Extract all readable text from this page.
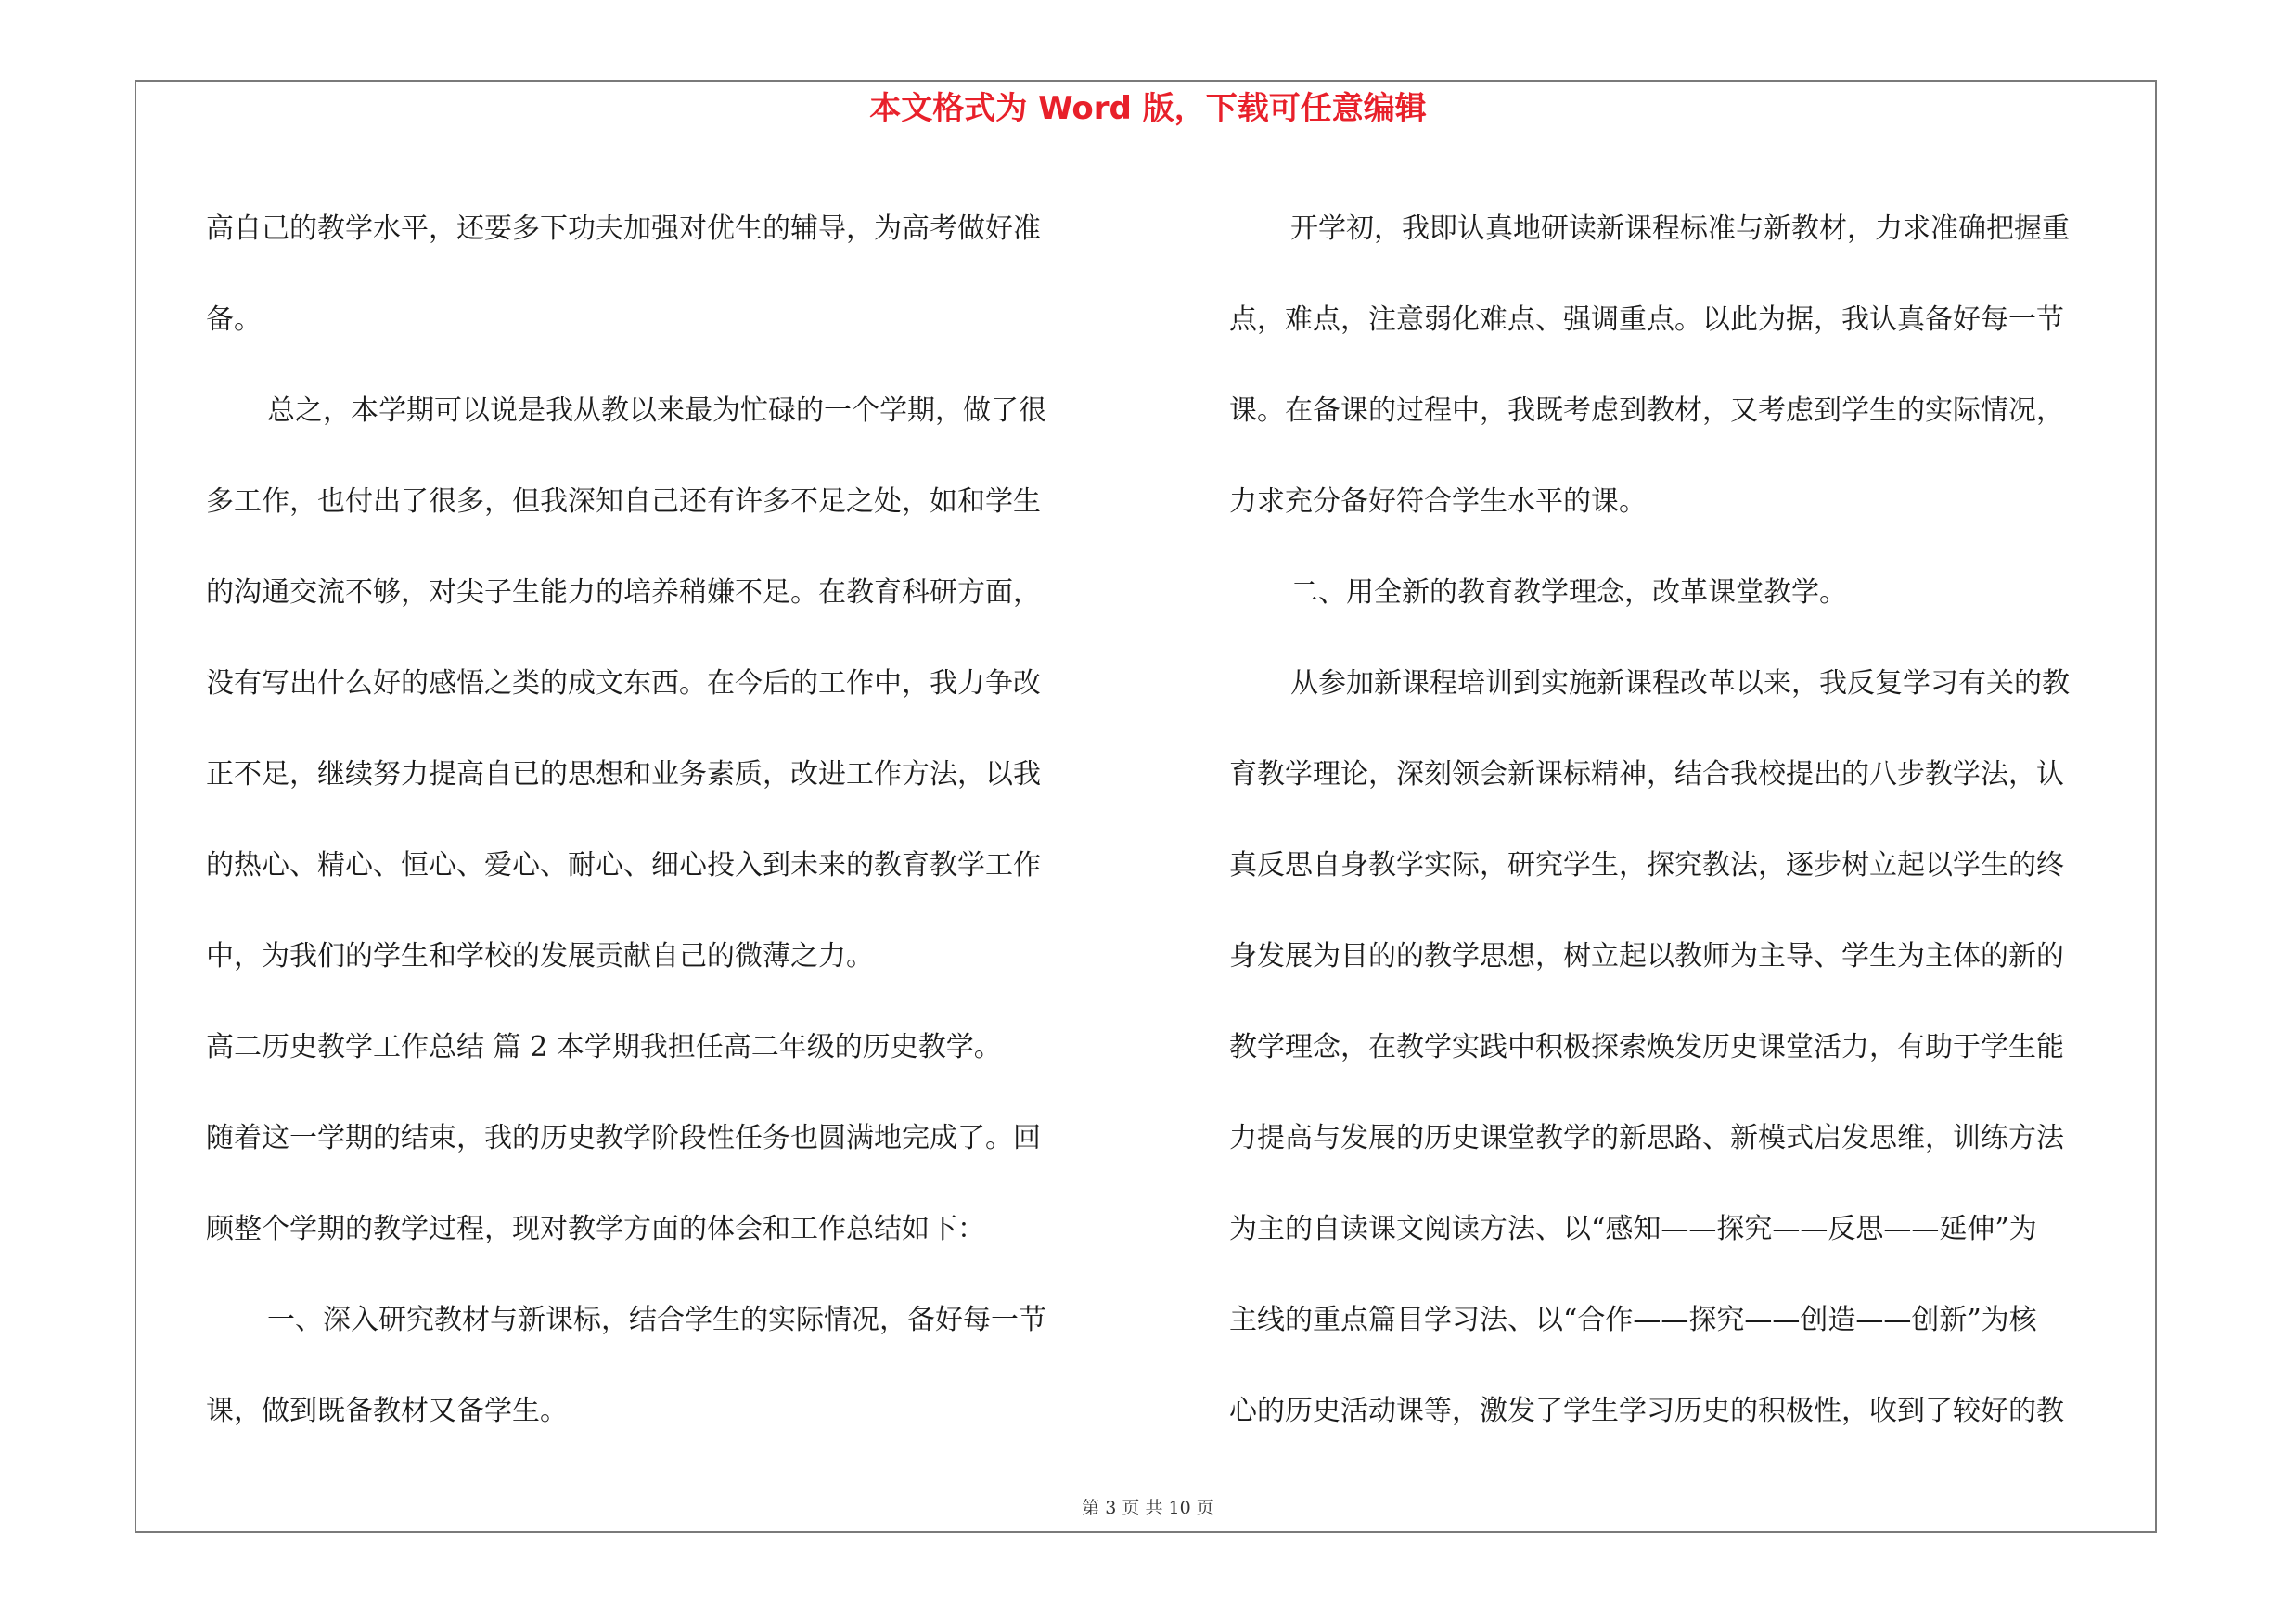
本文格式为 Word 版，下载可任意编辑
高自己的教学水平，还要多下功夫加强对优生的辅导，为高考做好准
备。
总之，本学期可以说是我从教以来最为忙碌的一个学期，做了很
多工作，也付出了很多，但我深知自己还有许多不足之处，如和学生
的沟通交流不够，对尖子生能力的培养稍嫌不足。在教育科研方面，
没有写出什么好的感悟之类的成文东西。在今后的工作中，我力争改
正不足，继续努力提高自已的思想和业务素质，改进工作方法，以我
的热心、精心、恒心、爱心、耐心、细心投入到未来的教育教学工作
中，为我们的学生和学校的发展贡献自己的微薄之力。
高二历史教学工作总结 篇 2 本学期我担任高二年级的历史教学。
随着这一学期的结束，我的历史教学阶段性任务也圆满地完成了。回
顾整个学期的教学过程，现对教学方面的体会和工作总结如下：
一、深入研究教材与新课标，结合学生的实际情况，备好每一节
课，做到既备教材又备学生。
开学初，我即认真地研读新课程标准与新教材，力求准确把握重
点，难点，注意弱化难点、强调重点。以此为据，我认真备好每一节
课。在备课的过程中，我既考虑到教材，又考虑到学生的实际情况，
力求充分备好符合学生水平的课。
二、用全新的教育教学理念，改革课堂教学。
从参加新课程培训到实施新课程改革以来，我反复学习有关的教
育教学理论，深刻领会新课标精神，结合我校提出的八步教学法，认
真反思自身教学实际，研究学生，探究教法，逐步树立起以学生的终
身发展为目的的教学思想，树立起以教师为主导、学生为主体的新的
教学理念，在教学实践中积极探索焕发历史课堂活力，有助于学生能
力提高与发展的历史课堂教学的新思路、新模式启发思维，训练方法
为主的自读课文阅读方法、以“感知——探究——反思——延伸”为
主线的重点篇目学习法、以“合作——探究——创造——创新”为核
心的历史活动课等，激发了学生学习历史的积极性，收到了较好的教
第 3 页 共 10 页
